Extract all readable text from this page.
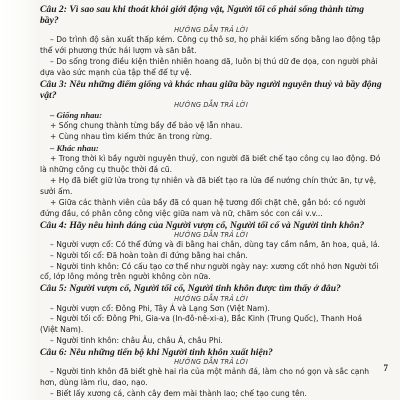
Câu 2: Vì sao sau khi thoát khỏi giới động vật, Người tối cổ phải sống thành từng bầy?
HƯỚNG DẪN TRẢ LỜI
– Do trình độ sản xuất thấp kém. Công cụ thô sơ, họ phải kiếm sống bằng lao động tập thể với phương thức hái lượm và săn bắt.
– Do sống trong điều kiện thiên nhiên hoang dã, luôn bị thú dữ đe dọa, con người phải dựa vào sức mạnh của tập thể để tự vệ.
Câu 3: Nêu những điểm giống và khác nhau giữa bầy người nguyên thuỷ và bầy động vật?
HƯỚNG DẪN TRẢ LỜI
– Giống nhau:
+ Sống chung thành từng bầy để bảo vệ lẫn nhau.
+ Cùng nhau tìm kiếm thức ăn trong rừng.
– Khác nhau:
+ Trong thời kì bầy người nguyên thuỷ, con người đã biết chế tạo công cụ lao động. Đó là những công cụ thuộc thời đá cũ.
+ Họ đã biết giữ lửa trong tự nhiên và đã biết tạo ra lửa để nướng chín thức ăn, tự vệ, sưởi ấm.
+ Giữa các thành viên của bầy đã có quan hệ tương đối chặt chẽ, gắn bó: có người đứng đầu, có phân công công việc giữa nam và nữ, chăm sóc con cái v.v...
Câu 4: Hãy nêu hình dáng của Người vượn cổ, Người tối cổ và Người tinh khôn?
HƯỚNG DẪN TRẢ LỜI
– Người vượn cổ: Có thể đứng và đi bằng hai chân, dùng tay cầm nắm, ăn hoa, quả, lá.
– Người tối cổ: Đã hoàn toàn đi đứng bằng hai chân.
– Người tinh khôn: Có cấu tạo cơ thể như người ngày nay: xương cốt nhỏ hơn Người tối cổ, lớp lông mỏng trên người không còn nữa.
Câu 5: Người vượn cổ, Người tối cổ, Người tinh khôn được tìm thấy ở đâu?
HƯỚNG DẪN TRẢ LỜI
– Người vượn cổ: Đông Phi, Tây Á và Lạng Sơn (Việt Nam).
– Người tối cổ: Đông Phi, Gia-va (In-đô-nê-xi-a), Bắc Kinh (Trung Quốc), Thanh Hoá (Việt Nam).
– Người tinh khôn: châu Âu, châu Á, châu Phi.
Câu 6: Nêu những tiến bộ khi Người tinh khôn xuất hiện?
HƯỚNG DẪN TRẢ LỜI
– Người tinh khôn đã biết ghè hai rìa của một mảnh đá, làm cho nó gọn và sắc cạnh hơn, dùng làm rìu, dao, nạo.
– Biết lấy xương cá, cành cây đem mài thành lao; chế tạo cung tên.
7
